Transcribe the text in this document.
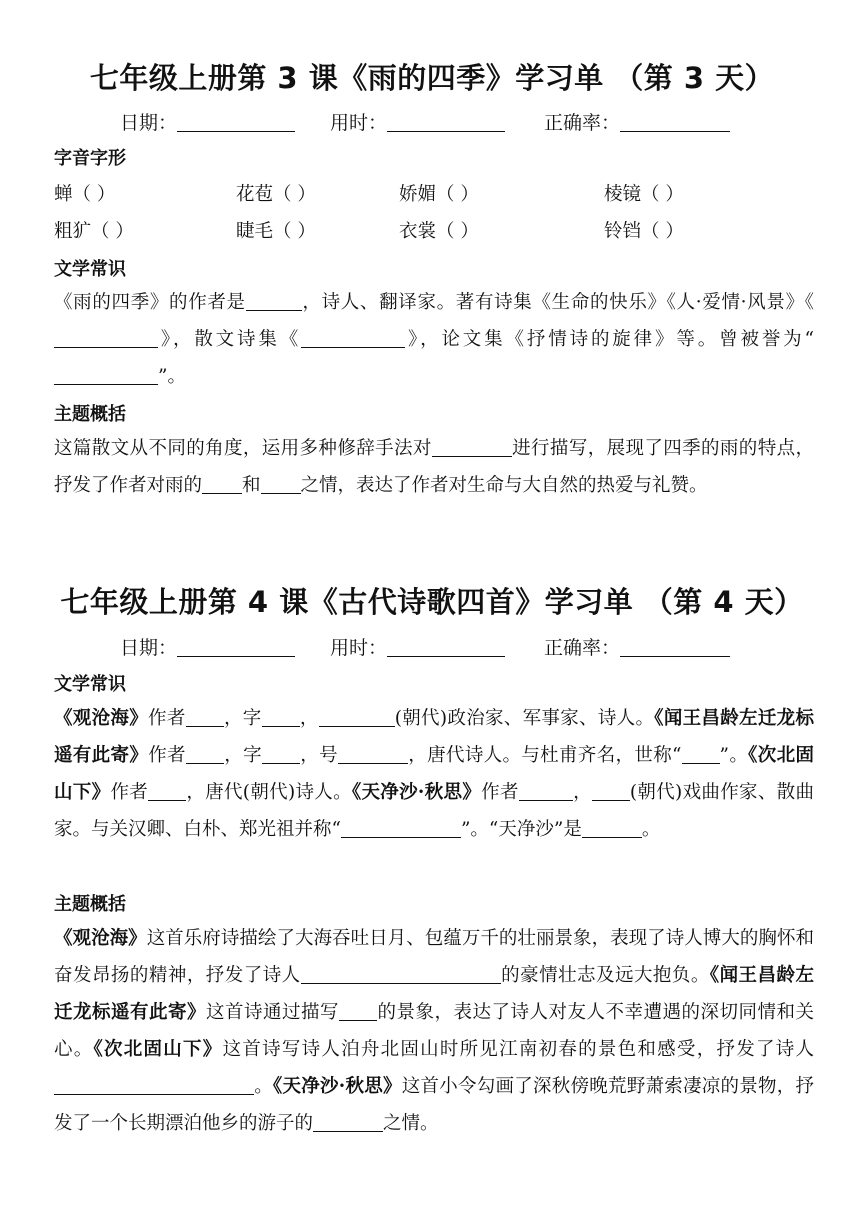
七年级上册第 3 课《雨的四季》学习单 （第 3 天）
日期：	用时：	正确率：
字音字形
蝉（ ）	花苞（ ）	娇媚（ ）	棱镜（ ）
粗犷（ ）	睫毛（ ）	衣裳（ ）	铃铛（ ）
文学常识
《雨的四季》的作者是	，诗人、翻译家。著有诗集《生命的快乐》《人·爱情·风景》《》，散文诗集《	》，论文集《抒情诗的旋律》等。曾被誉为“”。
主题概括
这篇散文从不同的角度，运用多种修辞手法对	进行描写，展现了四季的雨的特点，抒发了作者对雨的 和 之情，表达了作者对生命与大自然的热爱与礼赞。
七年级上册第 4 课《古代诗歌四首》学习单 （第 4 天）
日期：	用时：	正确率：
文学常识
《观沧海》作者 ，字 ，	(朝代)政治家、军事家、诗人。《闻王昌龄左迁龙标遥有此寄》作者 ，字 ，号	，唐代诗人。与杜甫齐名，世称“ ”。《次北固山下》作者 ，唐代(朝代)诗人。《天净沙·秋思》作者	， (朝代)戏曲作家、散曲家。与关汉卿、白朴、郑光祖并称“	”。“天净沙”是	。
主题概括
《观沧海》这首乐府诗描绘了大海吞吐日月、包蕴万千的壮丽景象，表现了诗人博大的胸怀和奋发昂扬的精神，抒发了诗人	的豪情壮志及远大抱负。《闻王昌龄左迁龙标遥有此寄》这首诗通过描写 的景象，表达了诗人对友人不幸遭遇的深切同情和关心。《次北固山下》这首诗写诗人泊舟北固山时所见江南初春的景色和感受，抒发了诗人。《天净沙·秋思》这首小令勾画了深秋傍晚荒野萧索凄凉的景物，抒发了一个长期漂泊他乡的游子的	之情。
